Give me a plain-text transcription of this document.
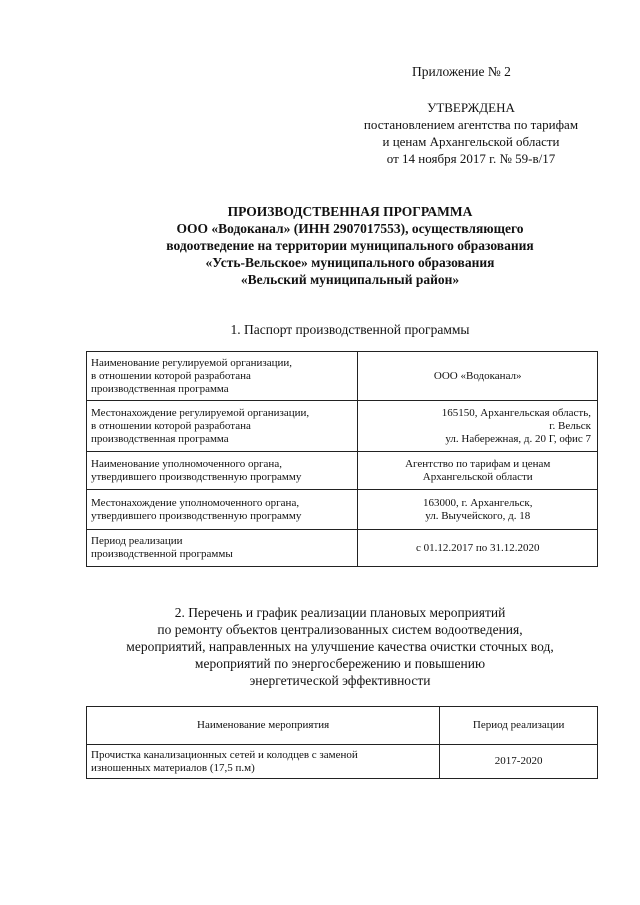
Приложение № 2
УТВЕРЖДЕНА
постановлением агентства по тарифам
и ценам Архангельской области
от 14 ноября 2017 г. № 59-в/17
ПРОИЗВОДСТВЕННАЯ ПРОГРАММА
ООО «Водоканал» (ИНН 2907017553), осуществляющего
водоотведение на территории муниципального образования
«Усть-Вельское» муниципального образования
«Вельский муниципальный район»
1. Паспорт производственной программы
Наименование регулируемой организации,
в отношении которой разработана
производственная программа	ООО «Водоканал»

Местонахождение регулируемой организации,
в отношении которой разработана
производственная программа	165150, Архангельская область,
г. Вельск
ул. Набережная, д. 20 Г, офис 7

Наименование уполномоченного органа,
утвердившего производственную программу	Агентство по тарифам и ценам
Архангельской области

Местонахождение уполномоченного органа,
утвердившего производственную программу	163000, г. Архангельск,
ул. Выучейского, д. 18

Период реализации
производственной программы	с 01.12.2017 по 31.12.2020
2. Перечень и график реализации плановых мероприятий
по ремонту объектов централизованных систем водоотведения,
мероприятий, направленных на улучшение качества очистки сточных вод,
мероприятий по энергосбережению и повышению
энергетической эффективности
Наименование мероприятия	Период реализации

Прочистка канализационных сетей и колодцев с заменой
изношенных материалов (17,5 п.м)	2017-2020
